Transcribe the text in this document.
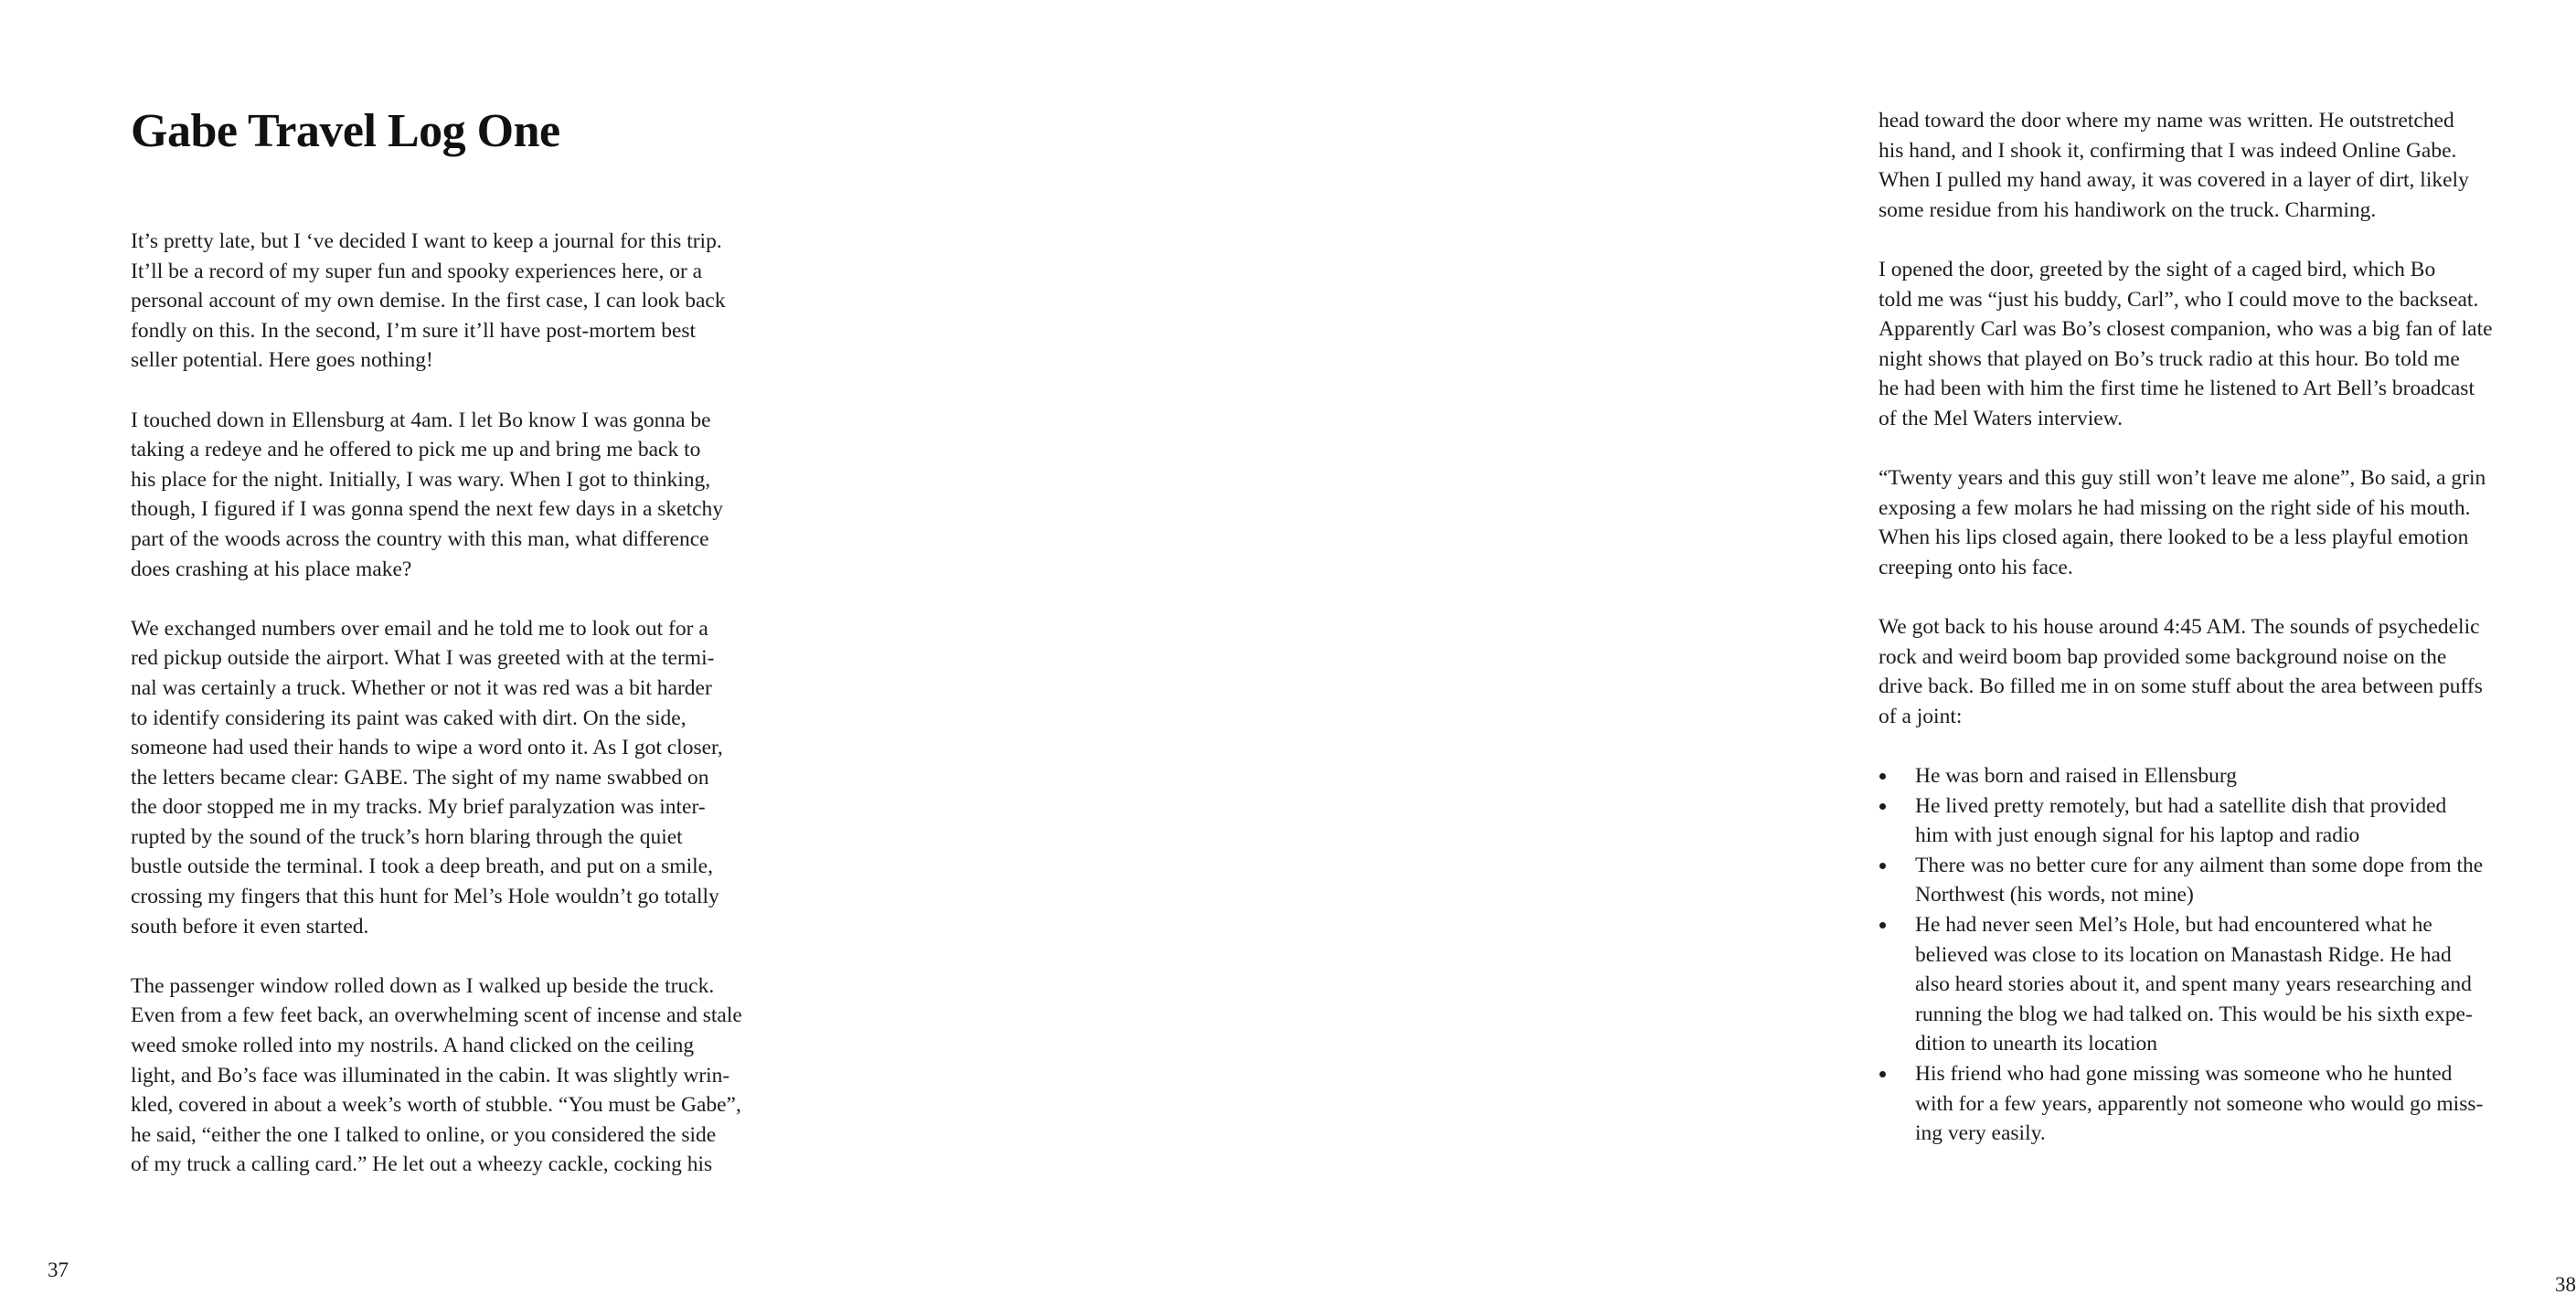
Gabe Travel Log One
It’s pretty late, but I ‘ve decided I want to keep a journal for this trip.
It’ll be a record of my super fun and spooky experiences here, or a
personal account of my own demise. In the first case, I can look back
fondly on this. In the second, I’m sure it’ll have post-mortem best
seller potential. Here goes nothing!
I touched down in Ellensburg at 4am. I let Bo know I was gonna be
taking a redeye and he offered to pick me up and bring me back to
his place for the night. Initially, I was wary. When I got to thinking,
though, I figured if I was gonna spend the next few days in a sketchy
part of the woods across the country with this man, what difference
does crashing at his place make?
We exchanged numbers over email and he told me to look out for a
red pickup outside the airport. What I was greeted with at the termi-
nal was certainly a truck. Whether or not it was red was a bit harder
to identify considering its paint was caked with dirt. On the side,
someone had used their hands to wipe a word onto it. As I got closer,
the letters became clear: GABE. The sight of my name swabbed on
the door stopped me in my tracks. My brief paralyzation was inter-
rupted by the sound of the truck’s horn blaring through the quiet
bustle outside the terminal. I took a deep breath, and put on a smile,
crossing my fingers that this hunt for Mel’s Hole wouldn’t go totally
south before it even started.
The passenger window rolled down as I walked up beside the truck.
Even from a few feet back, an overwhelming scent of incense and stale
weed smoke rolled into my nostrils. A hand clicked on the ceiling
light, and Bo’s face was illuminated in the cabin. It was slightly wrin-
kled, covered in about a week’s worth of stubble. “You must be Gabe”,
he said, “either the one I talked to online, or you considered the side
of my truck a calling card.” He let out a wheezy cackle, cocking his
37
head toward the door where my name was written. He outstretched
his hand, and I shook it, confirming that I was indeed Online Gabe.
When I pulled my hand away, it was covered in a layer of dirt, likely
some residue from his handiwork on the truck. Charming.
I opened the door, greeted by the sight of a caged bird, which Bo
told me was “just his buddy, Carl”, who I could move to the backseat.
Apparently Carl was Bo’s closest companion, who was a big fan of late
night shows that played on Bo’s truck radio at this hour. Bo told me
he had been with him the first time he listened to Art Bell’s broadcast
of the Mel Waters interview.
“Twenty years and this guy still won’t leave me alone”, Bo said, a grin
exposing a few molars he had missing on the right side of his mouth.
When his lips closed again, there looked to be a less playful emotion
creeping onto his face.
We got back to his house around 4:45 AM. The sounds of psychedelic
rock and weird boom bap provided some background noise on the
drive back. Bo filled me in on some stuff about the area between puffs
of a joint:
He was born and raised in Ellensburg
He lived pretty remotely, but had a satellite dish that provided
him with just enough signal for his laptop and radio
There was no better cure for any ailment than some dope from the
Northwest (his words, not mine)
He had never seen Mel’s Hole, but had encountered what he
believed was close to its location on Manastash Ridge. He had
also heard stories about it, and spent many years researching and
running the blog we had talked on. This would be his sixth expe-
dition to unearth its location
His friend who had gone missing was someone who he hunted
with for a few years, apparently not someone who would go miss-
ing very easily.
38
